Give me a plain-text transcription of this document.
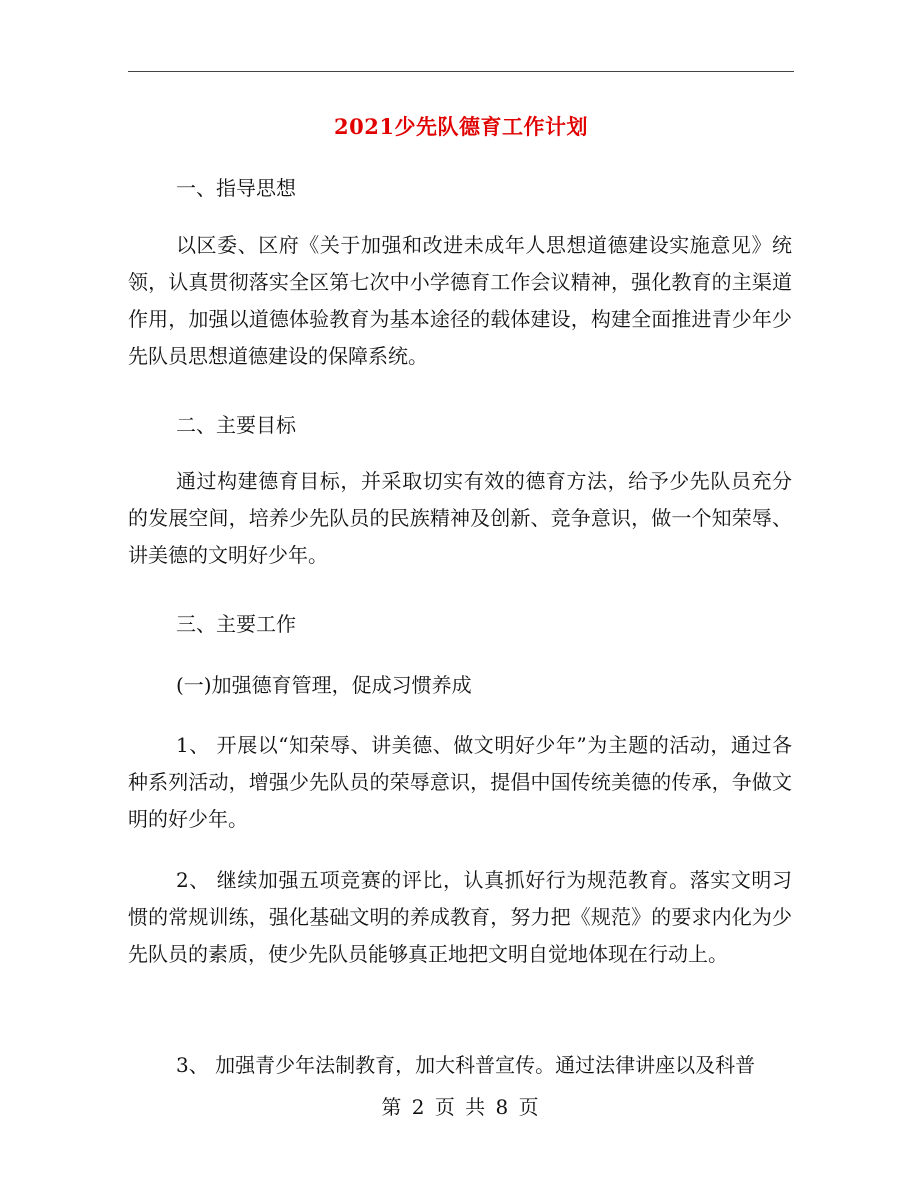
2021少先队德育工作计划
一、指导思想
以区委、区府《关于加强和改进未成年人思想道德建设实施意见》统领，认真贯彻落实全区第七次中小学德育工作会议精神，强化教育的主渠道作用，加强以道德体验教育为基本途径的载体建设，构建全面推进青少年少先队员思想道德建设的保障系统。
二、主要目标
通过构建德育目标，并采取切实有效的德育方法，给予少先队员充分的发展空间，培养少先队员的民族精神及创新、竞争意识，做一个知荣辱、讲美德的文明好少年。
三、主要工作
(一)加强德育管理，促成习惯养成
1、 开展以“知荣辱、讲美德、做文明好少年”为主题的活动，通过各种系列活动，增强少先队员的荣辱意识，提倡中国传统美德的传承，争做文明的好少年。
2、 继续加强五项竞赛的评比，认真抓好行为规范教育。落实文明习惯的常规训练，强化基础文明的养成教育，努力把《规范》的要求内化为少先队员的素质，使少先队员能够真正地把文明自觉地体现在行动上。
3、 加强青少年法制教育，加大科普宣传。通过法律讲座以及科普
第 2 页 共 8 页
